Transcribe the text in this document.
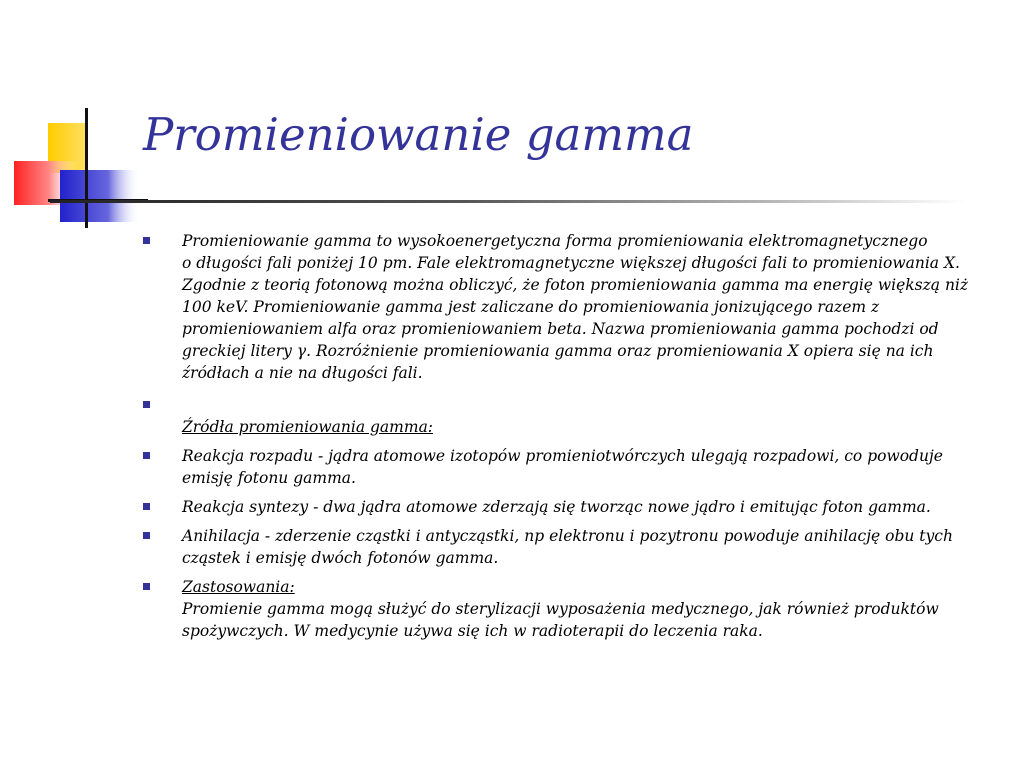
Promieniowanie gamma
Promieniowanie gamma to wysokoenergetyczna forma promieniowania elektromagnetycznego
o długości fali poniżej 10 pm. Fale elektromagnetyczne większej długości fali to promieniowania X.
Zgodnie z teorią fotonową można obliczyć, że foton promieniowania gamma ma energię większą niż
100 keV. Promieniowanie gamma jest zaliczane do promieniowania jonizującego razem z
promieniowaniem alfa oraz promieniowaniem beta. Nazwa promieniowania gamma pochodzi od
greckiej litery γ. Rozróżnienie promieniowania gamma oraz promieniowania X opiera się na ich
źródłach a nie na długości fali.
Źródła promieniowania gamma:
Reakcja rozpadu - jądra atomowe izotopów promieniotwórczych ulegają rozpadowi, co powoduje
emisję fotonu gamma.
Reakcja syntezy - dwa jądra atomowe zderzają się tworząc nowe jądro i emitując foton gamma.
Anihilacja - zderzenie cząstki i antycząstki, np elektronu i pozytronu powoduje anihilację obu tych
cząstek i emisję dwóch fotonów gamma.
Zastosowania:
Promienie gamma mogą służyć do sterylizacji wyposażenia medycznego, jak również produktów
spożywczych. W medycynie używa się ich w radioterapii do leczenia raka.
